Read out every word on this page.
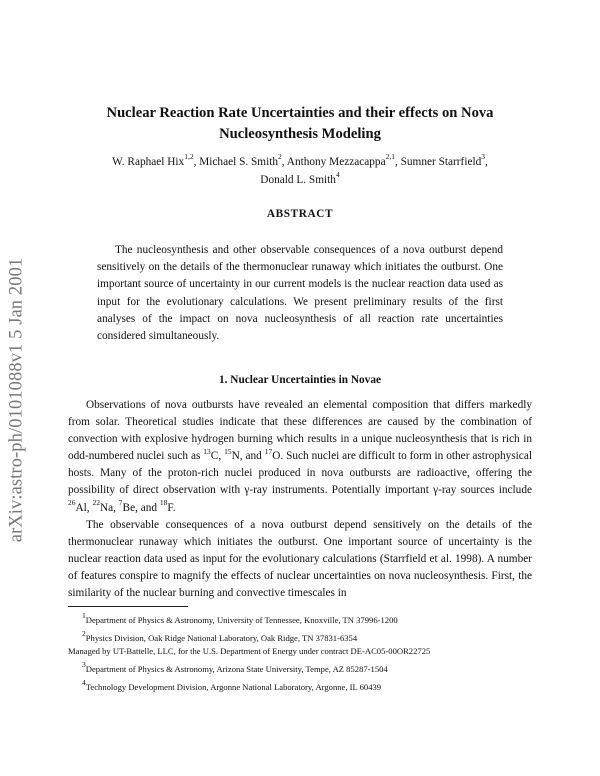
arXiv:astro-ph/0101088v1 5 Jan 2001
Nuclear Reaction Rate Uncertainties and their effects on Nova
Nucleosynthesis Modeling
W. Raphael Hix$^{1,2}$, Michael S. Smith$^2$, Anthony Mezzacappa$^{2,1}$, Sumner Starrfield$^3$,
Donald L. Smith$^4$
ABSTRACT

The nucleosynthesis and other observable consequences of a nova outburst depend sensitively on the details of the thermonuclear runaway which initiates the outburst. One important source of uncertainty in our current models is the nuclear reaction data used as input for the evolutionary calculations. We present preliminary results of the first analyses of the impact on nova nucleosynthesis of all reaction rate uncertainties considered simultaneously.

1. Nuclear Uncertainties in Novae

Observations of nova outbursts have revealed an elemental composition that differs markedly from solar. Theoretical studies indicate that these differences are caused by the combination of convection with explosive hydrogen burning which results in a unique nucleosynthesis that is rich in odd-numbered nuclei such as $^{13}$C, $^{15}$N, and $^{17}$O. Such nuclei are difficult to form in other astrophysical hosts. Many of the proton-rich nuclei produced in nova outbursts are radioactive, offering the possibility of direct observation with γ-ray instruments. Potentially important γ-ray sources include $^{26}$Al, $^{22}$Na, $^7$Be, and $^{18}$F.

The observable consequences of a nova outburst depend sensitively on the details of the thermonuclear runaway which initiates the outburst. One important source of uncertainty is the nuclear reaction data used as input for the evolutionary calculations (Starrfield et al. 1998). A number of features conspire to magnify the effects of nuclear uncertainties on nova nucleosynthesis. First, the similarity of the nuclear burning and convective timescales in

$^1$Department of Physics & Astronomy, University of Tennessee, Knoxville, TN 37996-1200

$^2$Physics Division, Oak Ridge National Laboratory, Oak Ridge, TN 37831-6354

Managed by UT-Battelle, LLC, for the U.S. Department of Energy under contract DE-AC05-00OR22725

$^3$Department of Physics & Astronomy, Arizona State University, Tempe, AZ 85287-1504

$^4$Technology Development Division, Argonne National Laboratory, Argonne, IL 60439
